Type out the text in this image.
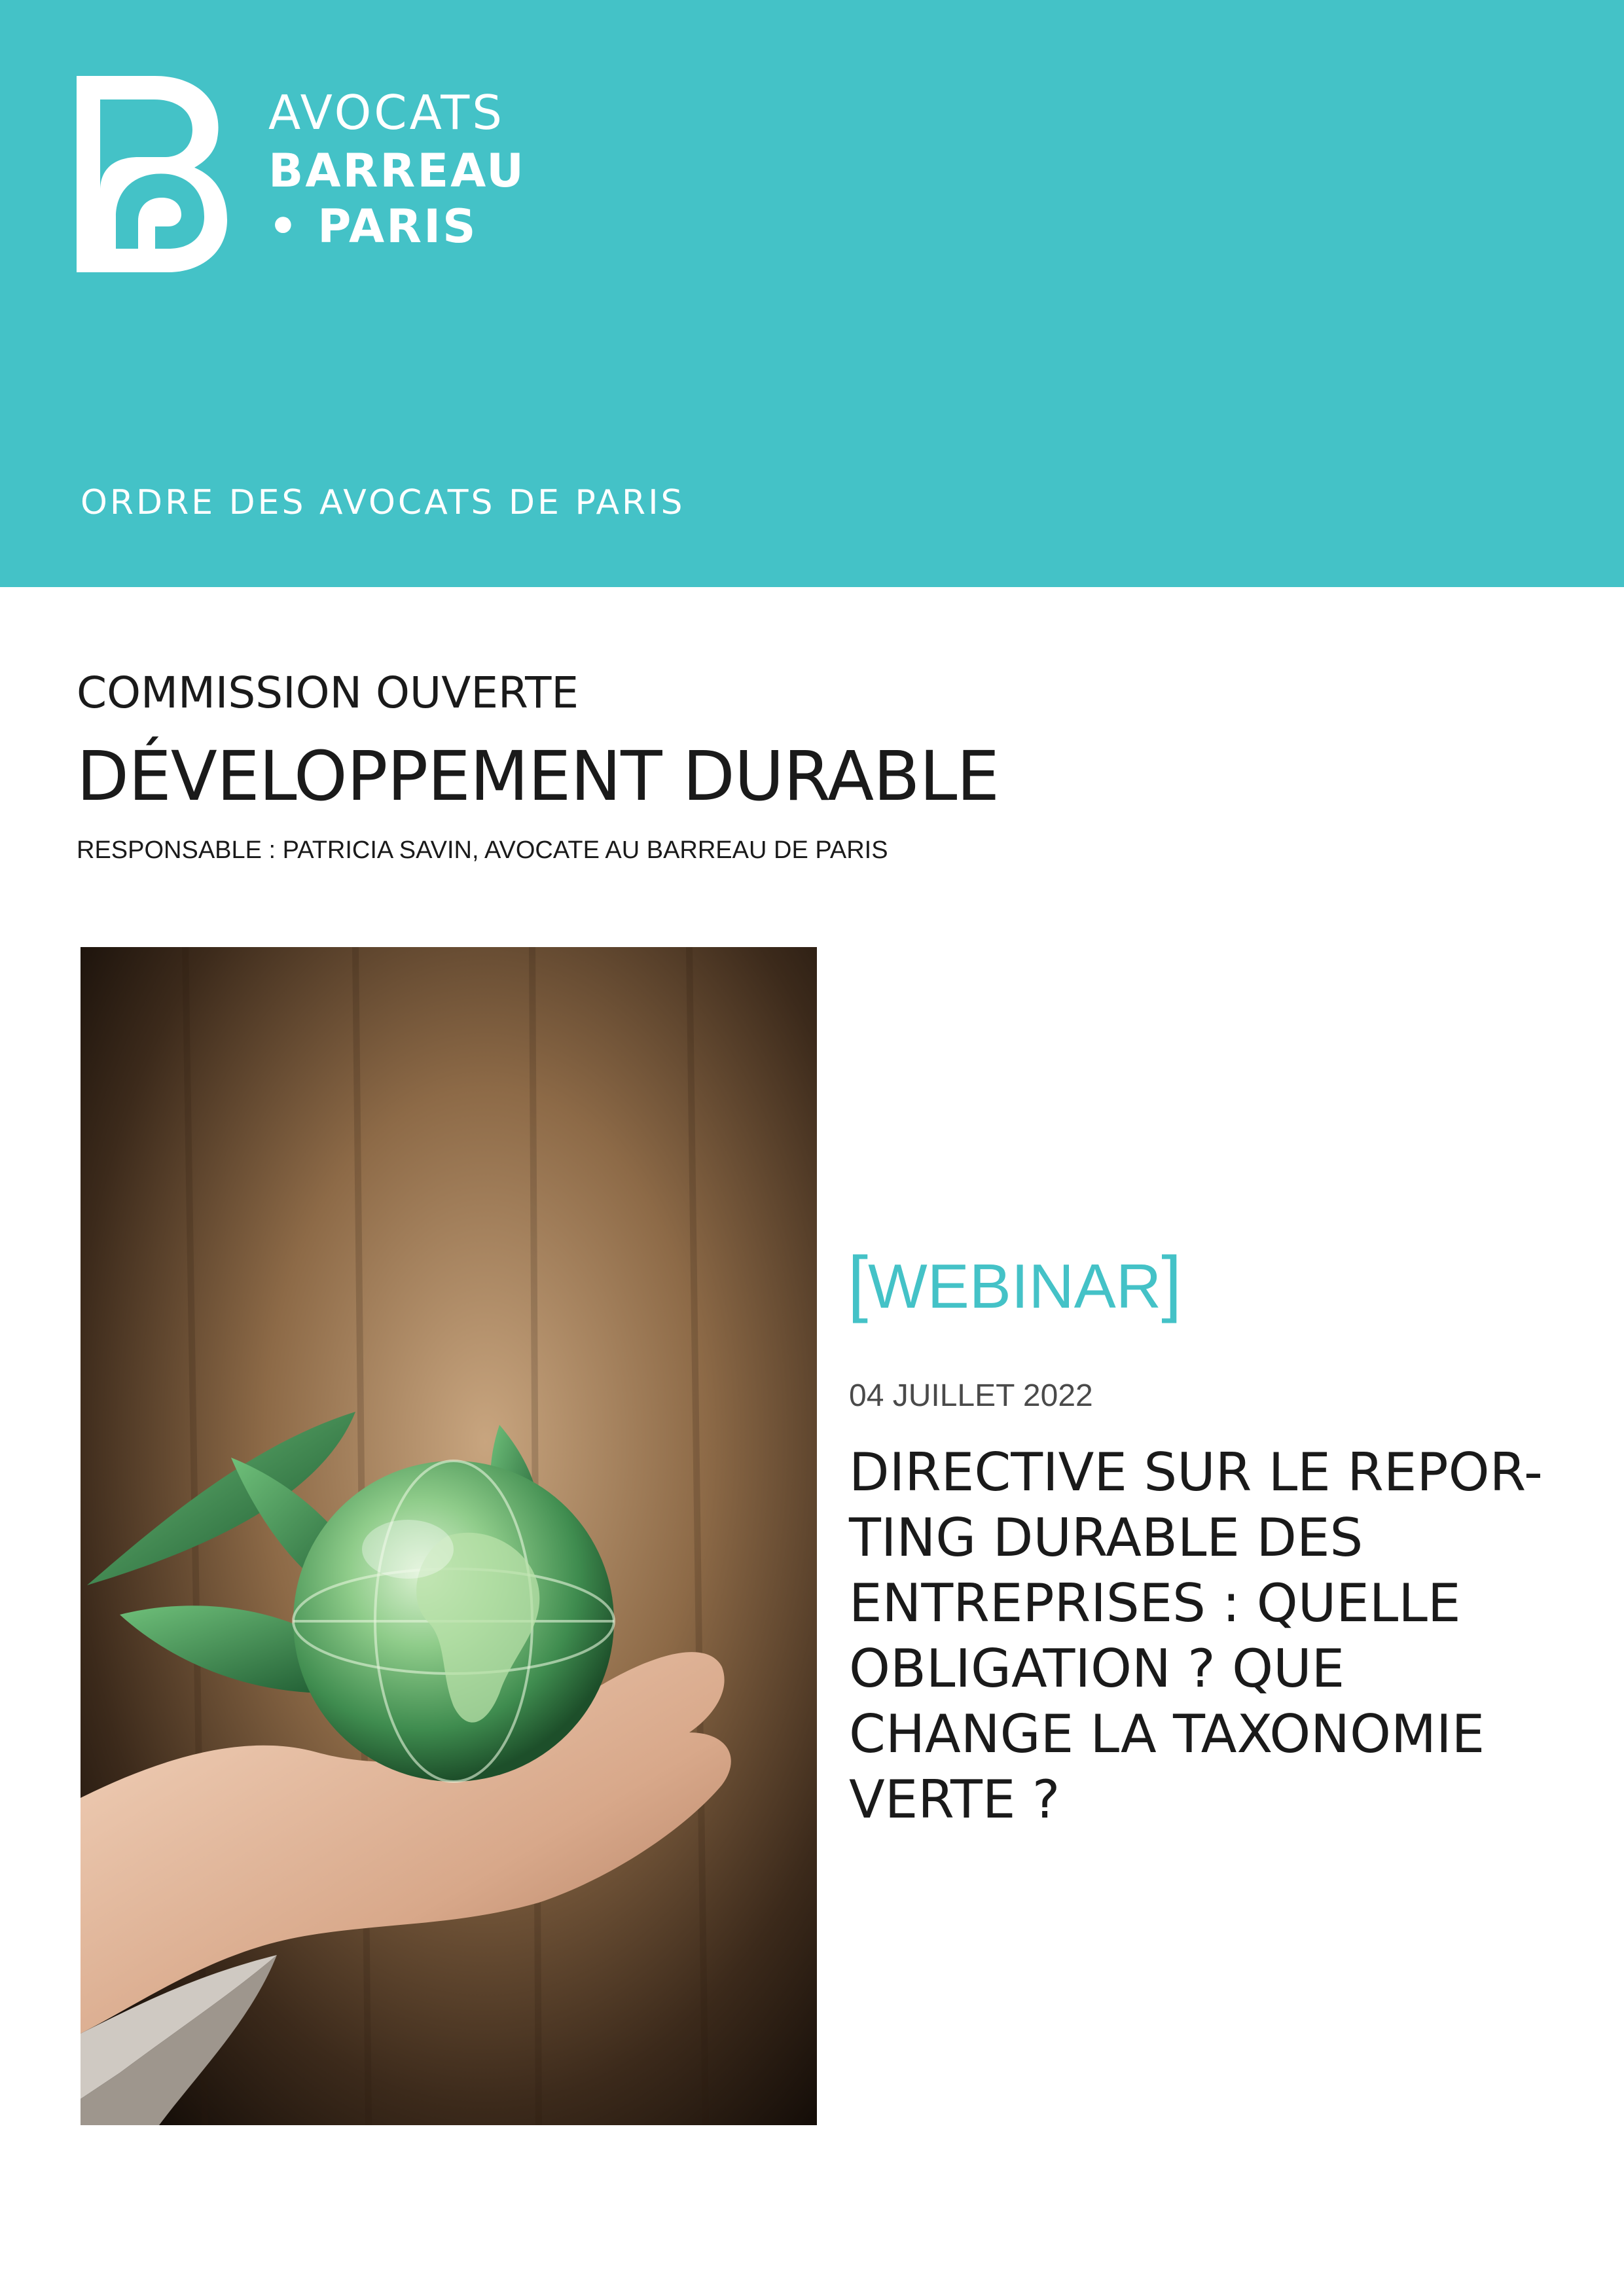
AVOCATS
BARREAU
• PARIS
ORDRE DES AVOCATS DE PARIS
COMMISSION OUVERTE
DÉVELOPPEMENT DURABLE
RESPONSABLE : PATRICIA SAVIN, AVOCATE AU BARREAU DE PARIS
[WEBINAR]
04 JUILLET 2022
DIRECTIVE SUR LE REPOR-
TING DURABLE DES
ENTREPRISES : QUELLE
OBLIGATION ? QUE
CHANGE LA TAXONOMIE
VERTE ?
